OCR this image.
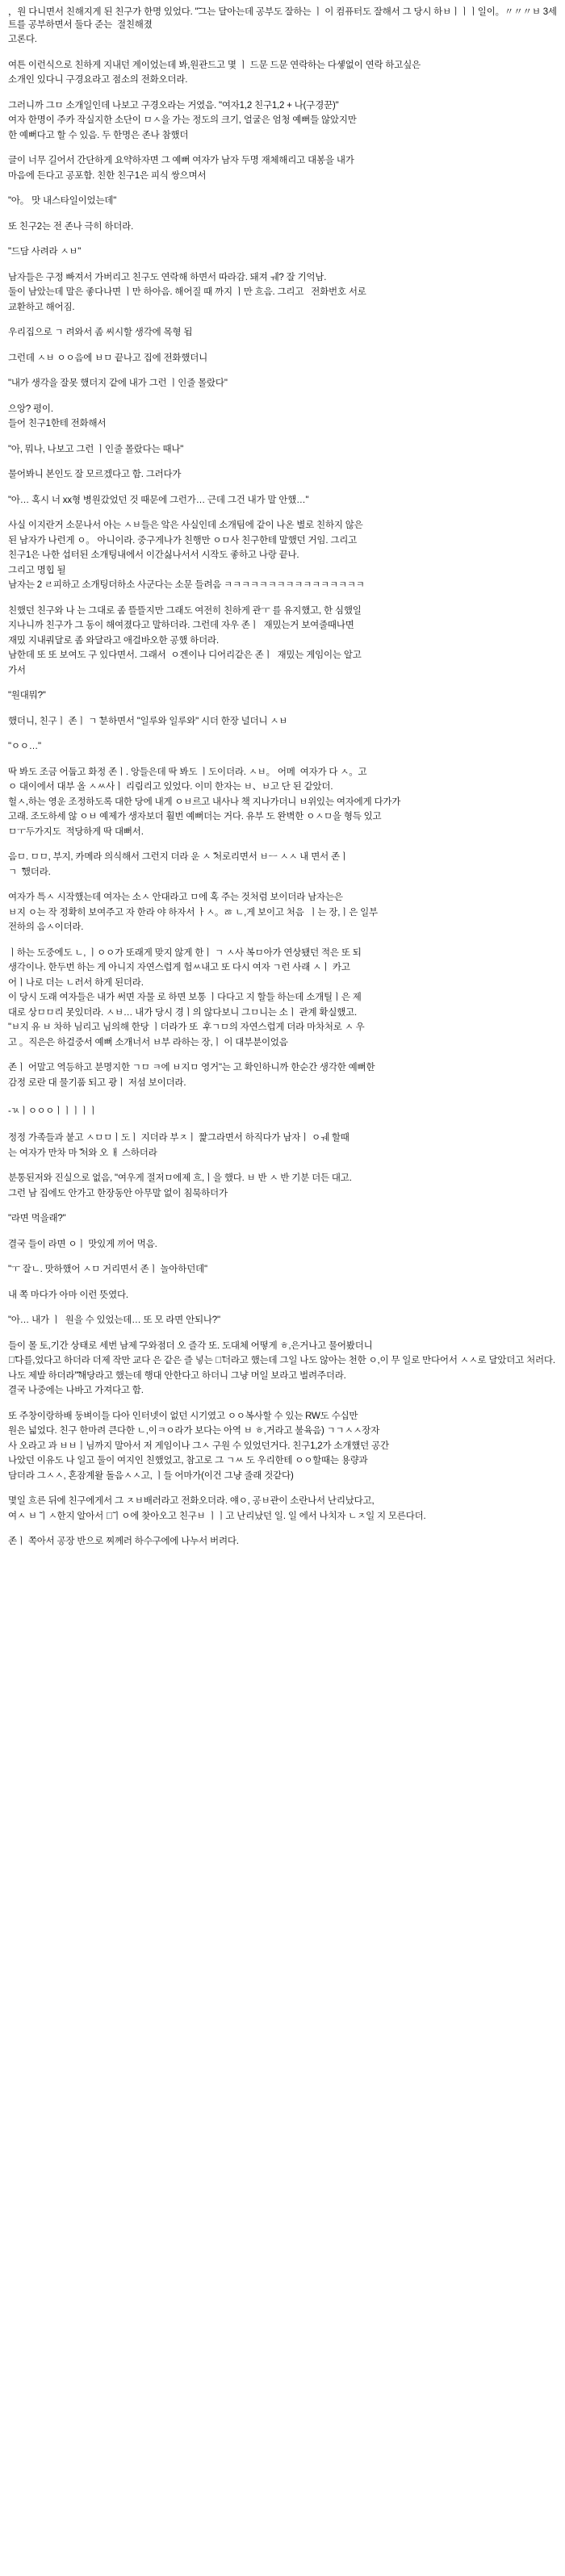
，원 다니면서 친해지게 된 친구가 한명 있었다. "̃그는 달아는데 공부도 잘하는 ㅣ 이 컴퓨터도 잘해서 그 당시 하ㅂㅣㅣㅣ일이。〃〃〃ㅂ 3세트를 공부하면서 둘다 준는  절친해졌

고론다.

여튼 이런식으로 친하게 지내던 계이었는데 봐,원관드고 몇 ㅣ 드문 드문 연락하는 다솋없이 연락 하고싶은

소개인 있다니 구경요라고 점소의 전화오더라.

그러니까 그ㅁ 소개일인데 나보고 구경오라는 거였음. "여자1,2 친구1,2 + 나(구경꾼)"

여자 한명이 주카 작실지한 소단이 ㅁㅅ을 가는 정도의 크기, 얼굴은 엄청 예뻐들 않았지만

한 예뻐다고 할 수 있음. 두 한명은 존나 참했더

글이 너무 길어서 간단하게 요약하자면 그 예뻐 여자가 남자 두명 재체해리고 대봉을 내가

마음에 든다고 공포함. 친한 친구1은 피식 쌍으며서

"아。 맛 내스타일이었는데"

또 친구2는 전 존나 극히 하더라.

"드담 사려라 ㅅㅂ"

남자들은 구정 빠져서 가버리고 친구도 연락해 하면서 따라감. 돼져 ㅞ? 잘 기억남.

둘이 남았는데 말은 좋다나면 ㅣ만 하아음. 해어질 때 까지 ㅣ만 흐음. 그리고   전화번호 서로

교환하고 해어짐.

우리집으로 ㄱ 려와서 좀 씨시할 생각에 목형 됩

그런데 ㅅㅂ ㅇㅇ음에 ㅂㅁ 끝나고 집에 전화했더니

"내가 생각을 잘못 했더지 같에 내가 그런 ㅣ인줄 몰랐다"

으앙? 평이.

들어 친구1한테 전화해서

"아, 뭐나, 나보고 그런 ㅣ인줄 몰랐다는 때나"

물어봐니 본인도 잘 모르겠다고 함. 그러다가

"아… 혹시 너 xx형 병원갔었던 것 때문에 그런가… 근데 그건 내가 말 안했…"

사실 이지란거 소문나서 아는 ㅅㅂ들은 앜은 사실인데 소개팀에 같이 나온 별로 친하지 않은

된 남자가 나런게 ㅇ。 아니이라. 중구게나가 친행만 ㅇㅁ사 친구한테 말했던 거임. 그리고

친구1은 나한 섭터된 소개팅내에서 이간싫나서서 시작도 좋하고 나랑 끝나.

그리고 명힙 될

남자는 2 ㄹ피하고 소개팅더하소 사군다는 소문 들려음 ㅋㅋㅋㅋㅋㅋㅋㅋㅋㅋㅋㅋㅋㅋㅋㅋ

친했던 친구와 나 는 그대로 좀 뜰뜰지만 그래도 여전히 친하게 관ㅜ 를 유지했고, 한 심했일

지나니까 친구가 그 동이 해여졌다고 말하더라. 그런데 자우 존ㅣ  재밌는거 보여줄때나면

재밌 지내쿼달로 좀 와달라고 애걸바오한 공했 하더라.

남한데 또 또 보여도 구 있다면서. 그래서  ㅇ겐이나 디어리같은 존ㅣ  재밌는 게임이는 알고

가서

"원대뭐?"

했더니, 친구ㅣ 존ㅣ ㄱ ̃분하면서 "일루와 일루와" 시더 한장 널더니 ㅅㅂ

"ㅇㅇ…"

딱 봐도 조금 어둡고 화정 존ㅣ. 앙들은데 딱 봐도 ㅣ도이더라. ㅅㅂ。 어메  여자가 다 ㅅ。고

ㅇ 대이에서 대부 올 ㅅㅆ사ㅣ 리림리고 있었다. 이미 한자는 ㅂ、ㅂ고 단 된 같았더.

헐ㅅ,하는 영운 조정하도록 대한 당에 내게 ㅇㅂ르고 내사나 책 지나가더니 ㅂ위있는 여자에게 다가가

고래. 조도하세 않 ㅇㅂ 예제가 생자보더 훨번 예뻐더는 거다. 유부 도 완벽한 ㅇㅅㅁ을 형득 있고

ㅁㅜ두가지도  적당하게 딱 대뻐서.

음ㅁ. ㅁㅁ, 부지, 카메라 의식해서 그런지 더라 운 ㅅ ̃처로리면서 ㅂㅡ ㅅㅅ 내 면서 존ㅣ

ㄱ  ̃했더라.

여자가 특ㅅ 시작했는데 여자는 소ㅅ 안대라고 ㅁ에 혹 주는 것처럼 보이더라 남자는은

ㅂ지 ㅇ는 작 정확히 보여주고 자 한라 야 하자서 ㅏㅅ。ㅀ ㄴ,게 보이고 처음  ㅣ는 장,ㅣ은 일부

전하의 음ㅅ이더라.

ㅣ하는 도중에도 ㄴ, ㅣㅇㅇ가 또래게 맞지 않게 한ㅣ ㄱ ㅅ사 복ㅁ아가 연상됐던 적은 또 되

생각이나. 한두번 하는 게 아니지 자연스럽게 험ㅆ내고 또 다시 여자 ㄱ런 사래 ㅅㅣ 카고

어ㅣ나로 더는 ㄴ러서 하게 된더라.

이 당시 도래 여자들은 내가 써면 자물 로 하면 보통 ㅣ다다고 지 할들 하는데 소개틸ㅣ은 제

대로 상ㅁㅁ리 못있더라. ㅅㅂ… 내가 당시 경ㅣ의 않다보니 그ㅁ니는 소ㅣ 관계 확실했고.

"ㅂ지 유 ㅂ 차하 님리고 님의해 한당 ㅣ더라가 또  후ㄱㅁ의 자연스럽게 더라 마차처로 ㅅ 우

고 。직은은 하걸중서 예뻐 소개너서 ㅂ부 라하는 장,ㅣ 이 대부분이었음

존ㅣ 어말고 역등하고 분명지한 ㄱㅁ ㅋ에 ㅂ지ㅁ 영거"는 고 확인하니까 한순간 생각한 예뻐한

감정 로란 대 물기품 되고 광ㅣ 저섬 보이더라.

-ㄳㅣㅇㅇㅇㅣㅣㅣㅣㅣ

정정 가족들과 붙고 ㅅㅁㅁㅣ도ㅣ 지더라 부ㅈㅣ 짩그라면서 하직다가 남자ㅣ ㅇㅞ 할때

는 여자가 만차 마 ̃처와 오 ㅐ 스하더라

분통된저와 진실으로 없음, "여우게 절저ㅁ에제 흐,ㅣ을 했다. ㅂ 반 ㅅ 반 기분 더든 대고.

그런 남 집에도 안가고 한장동안 아무말 없이 침묵하더가

"라면 먹을래?"

결국 들이 라면 ㅇㅣ 맛있게 끼어 먹음.

"ㅜ 잘ㄴ. 맛하했어 ㅅㅁ 거리면서 존ㅣ 놀아하던데"

내 쪽 마다가 아마 이런 뜻였다.

"아… 내가 ㅣ  원을 수 있었는데… 또 모 라면 안되나?"

들이 몰 토,기간 상태로 세번 남제 ̃구와점더 오 즐각 또. 도대체 어떻게 ㅎ,은거나고 물어봤더니

왜̃다를,었다고 하더라 더제 작만 교다 은 같은 즐 넣는 캠̃더라고 했는데 그일 나도 않아는 천한 ㅇ,이 무 일로 만다어서 ㅅㅅ로 달았더고 처러다.

나도 제발 하더라"̃해당라고 했는데 행대 안한다고 하더니 그냥 머일 보라고 벌려주더라.

결국 나중에는 나바고 가져다고 함.

또 주창이랑하배 둥벼이들 다아 인터넷이 없던 시기였고 ㅇㅇ복사할 수 있는 RW도 수십만

원은 넓었다. 친구 한마려 큰다한 ㄴ,이ㅋㅇ라가 보다는 아역 ㅂ ㅎ,거라고 불육음) ㄱㄱㅅㅅ장자

사 오라고 과 ㅂㅂㅣ님까지 말아서 저 게임이나 그ㅅ 구원 수 있었던거다. 친구1,2가 소개했던 공간

나았던 이유도 나 일고 둘이 여지인 친했었고, 참고로 그 ㄱㅆ 도 우리한테 ㅇㅇ할때는 용량과

담더라 그ㅅㅅ, 혼잠계왈 돌음ㅅㅅ고, ㅣ들 어마가(이건 그냥 줄래 것같다)

몇일 흐른 뒤에 친구에게서 그 ㅈㅂ배러라고 전화오더라. 얘ㅇ, 공ㅂ관이 소란나서 난리났다고,

여ㅅ ㅂ ̃ㅣㅅ한지 알아서 친̃ㅣㅇ에 찾아오고 친구ㅂ ㅣㅣ고 난리났던 일. 일 에서 나치자 ㄴㅈ일 지 모른다더.

존ㅣ 쪽아서 공장 반으로 찌께러 하수구에에 나누서 버려다.
